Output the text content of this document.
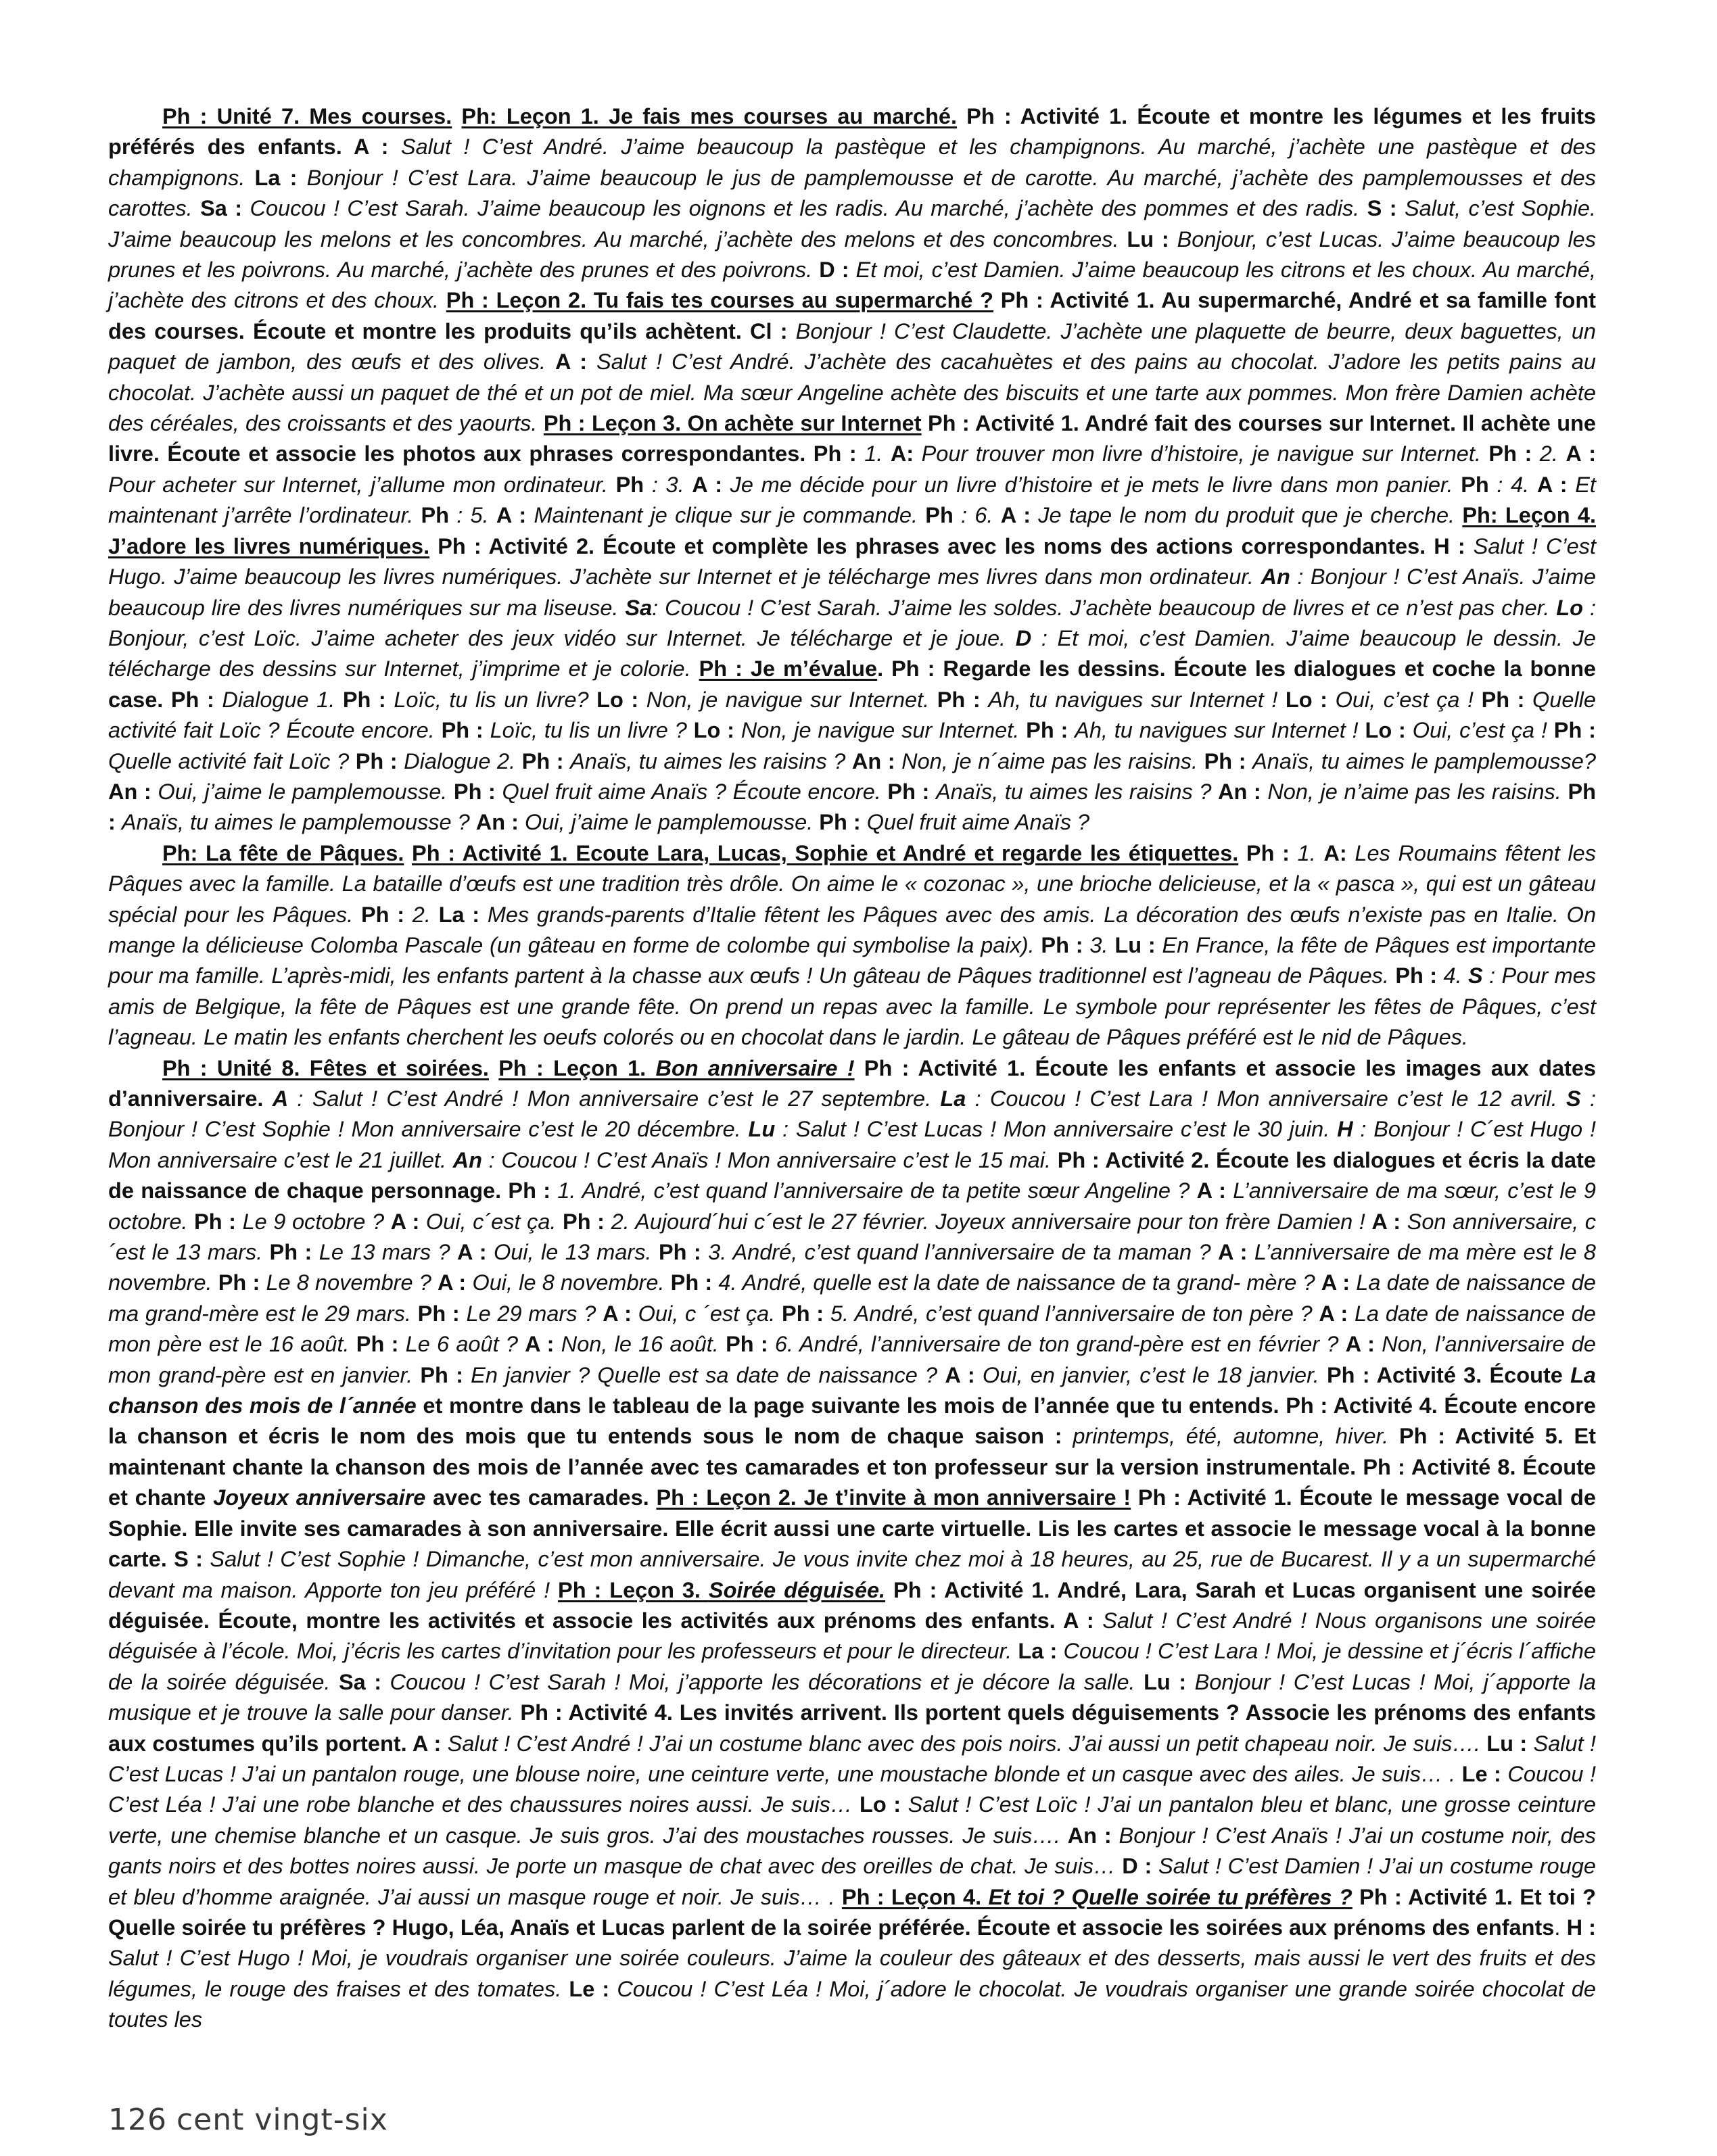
Ph : Unité 7. Mes courses. Ph: Leçon 1. Je fais mes courses au marché. Ph : Activité 1. Écoute et montre les légumes et les fruits préférés des enfants. A : Salut ! C’est André. J’aime beaucoup la pastèque et les champignons. Au marché, j’achète une pastèque et des champignons. La : Bonjour ! C’est Lara. J’aime beaucoup le jus de pamplemousse et de carotte. Au marché, j’achète des pamplemousses et des carottes. Sa : Coucou ! C’est Sarah. J’aime beaucoup les oignons et les radis. Au marché, j’achète des pommes et des radis. S : Salut, c’est Sophie. J’aime beaucoup les melons et les concombres. Au marché, j’achète des melons et des concombres. Lu : Bonjour, c’est Lucas. J’aime beaucoup les prunes et les poivrons. Au marché, j’achète des prunes et des poivrons. D : Et moi, c’est Damien. J’aime beaucoup les citrons et les choux. Au marché, j’achète des citrons et des choux. Ph : Leçon 2. Tu fais tes courses au supermarché ? Ph : Activité 1. Au supermarché, André et sa famille font des courses. Écoute et montre les produits qu’ils achètent. Cl : Bonjour ! C’est Claudette. J’achète une plaquette de beurre, deux baguettes, un paquet de jambon, des œufs et des olives. A : Salut ! C’est André. J’achète des cacahuètes et des pains au chocolat. J’adore les petits pains au chocolat. J’achète aussi un paquet de thé et un pot de miel. Ma sœur Angeline achète des biscuits et une tarte aux pommes. Mon frère Damien achète des céréales, des croissants et des yaourts. Ph : Leçon 3. On achète sur Internet Ph : Activité 1. André fait des courses sur Internet. Il achète une livre. Écoute et associe les photos aux phrases correspondantes. Ph : 1. A: Pour trouver mon livre d’histoire, je navigue sur Internet. Ph : 2. A : Pour acheter sur Internet, j’allume mon ordinateur. Ph : 3. A : Je me décide pour un livre d’histoire et je mets le livre dans mon panier. Ph : 4. A : Et maintenant j’arrête l’ordinateur. Ph : 5. A : Maintenant je clique sur je commande. Ph : 6. A : Je tape le nom du produit que je cherche. Ph: Leçon 4. J’adore les livres numériques. Ph : Activité 2. Écoute et complète les phrases avec les noms des actions correspondantes. H : Salut ! C’est Hugo. J’aime beaucoup les livres numériques. J’achète sur Internet et je télécharge mes livres dans mon ordinateur. An : Bonjour ! C’est Anaïs. J’aime beaucoup lire des livres numériques sur ma liseuse. Sa: Coucou ! C’est Sarah. J’aime les soldes. J’achète beaucoup de livres et ce n’est pas cher. Lo : Bonjour, c’est Loïc. J’aime acheter des jeux vidéo sur Internet. Je télécharge et je joue. D : Et moi, c’est Damien. J’aime beaucoup le dessin. Je télécharge des dessins sur Internet, j’imprime et je colorie. Ph : Je m’évalue. Ph : Regarde les dessins. Écoute les dialogues et coche la bonne case. Ph : Dialogue 1. Ph : Loïc, tu lis un livre? Lo : Non, je navigue sur Internet. Ph : Ah, tu navigues sur Internet ! Lo : Oui, c’est ça ! Ph : Quelle activité fait Loïc ? Écoute encore. Ph : Loïc, tu lis un livre ? Lo : Non, je navigue sur Internet. Ph : Ah, tu navigues sur Internet ! Lo : Oui, c’est ça ! Ph : Quelle activité fait Loïc ? Ph : Dialogue 2. Ph : Anaïs, tu aimes les raisins ? An : Non, je n´aime pas les raisins. Ph : Anaïs, tu aimes le pamplemousse? An : Oui, j’aime le pamplemousse. Ph : Quel fruit aime Anaïs ? Écoute encore. Ph : Anaïs, tu aimes les raisins ? An : Non, je n’aime pas les raisins. Ph : Anaïs, tu aimes le pamplemousse ? An : Oui, j’aime le pamplemousse. Ph : Quel fruit aime Anaïs ?

Ph: La fête de Pâques. Ph : Activité 1. Ecoute Lara, Lucas, Sophie et André et regarde les étiquettes. Ph : 1. A: Les Roumains fêtent les Pâques avec la famille. La bataille d’œufs est une tradition très drôle. On aime le « cozonac », une brioche delicieuse, et la « pasca », qui est un gâteau spécial pour les Pâques. Ph : 2. La : Mes grands-parents d’Italie fêtent les Pâques avec des amis. La décoration des œufs n’existe pas en Italie. On mange la délicieuse Colomba Pascale (un gâteau en forme de colombe qui symbolise la paix). Ph : 3. Lu : En France, la fête de Pâques est importante pour ma famille. L’après-midi, les enfants partent à la chasse aux œufs ! Un gâteau de Pâques traditionnel est l’agneau de Pâques. Ph : 4. S : Pour mes amis de Belgique, la fête de Pâques est une grande fête. On prend un repas avec la famille. Le symbole pour représenter les fêtes de Pâques, c’est l’agneau. Le matin les enfants cherchent les oeufs colorés ou en chocolat dans le jardin. Le gâteau de Pâques préféré est le nid de Pâques.

Ph : Unité 8. Fêtes et soirées. Ph : Leçon 1. Bon anniversaire ! Ph : Activité 1. Écoute les enfants et associe les images aux dates d’anniversaire. A : Salut ! C’est André ! Mon anniversaire c’est le 27 septembre. La : Coucou ! C’est Lara ! Mon anniversaire c’est le 12 avril. S : Bonjour ! C’est Sophie ! Mon anniversaire c’est le 20 décembre. Lu : Salut ! C’est Lucas ! Mon anniversaire c’est le 30 juin. H : Bonjour ! C´est Hugo ! Mon anniversaire c’est le 21 juillet. An : Coucou ! C’est Anaïs ! Mon anniversaire c’est le 15 mai. Ph : Activité 2. Écoute les dialogues et écris la date de naissance de chaque personnage. Ph : 1. André, c’est quand l’anniversaire de ta petite sœur Angeline ? A : L’anniversaire de ma sœur, c’est le 9 octobre. Ph : Le 9 octobre ? A : Oui, c´est ça. Ph : 2. Aujourd´hui c´est le 27 février. Joyeux anniversaire pour ton frère Damien ! A : Son anniversaire, c´est le 13 mars. Ph : Le 13 mars ? A : Oui, le 13 mars. Ph : 3. André, c’est quand l’anniversaire de ta maman ? A : L’anniversaire de ma mère est le 8 novembre. Ph : Le 8 novembre ? A : Oui, le 8 novembre. Ph : 4. André, quelle est la date de naissance de ta grand- mère ? A : La date de naissance de ma grand-mère est le 29 mars. Ph : Le 29 mars ? A : Oui, c ´est ça. Ph : 5. André, c’est quand l’anniversaire de ton père ? A : La date de naissance de mon père est le 16 août. Ph : Le 6 août ? A : Non, le 16 août. Ph : 6. André, l’anniversaire de ton grand-père est en février ? A : Non, l’anniversaire de mon grand-père est en janvier. Ph : En janvier ? Quelle est sa date de naissance ? A : Oui, en janvier, c’est le 18 janvier. Ph : Activité 3. Écoute La chanson des mois de l´année et montre dans le tableau de la page suivante les mois de l’année que tu entends. Ph : Activité 4. Écoute encore la chanson et écris le nom des mois que tu entends sous le nom de chaque saison : printemps, été, automne, hiver. Ph : Activité 5. Et maintenant chante la chanson des mois de l’année avec tes camarades et ton professeur sur la version instrumentale. Ph : Activité 8. Écoute et chante Joyeux anniversaire avec tes camarades. Ph : Leçon 2. Je t’invite à mon anniversaire ! Ph : Activité 1. Écoute le message vocal de Sophie. Elle invite ses camarades à son anniversaire. Elle écrit aussi une carte virtuelle. Lis les cartes et associe le message vocal à la bonne carte. S : Salut ! C’est Sophie ! Dimanche, c’est mon anniversaire. Je vous invite chez moi à 18 heures, au 25, rue de Bucarest. Il y a un supermarché devant ma maison. Apporte ton jeu préféré ! Ph : Leçon 3. Soirée déguisée. Ph : Activité 1. André, Lara, Sarah et Lucas organisent une soirée déguisée. Écoute, montre les activités et associe les activités aux prénoms des enfants. A : Salut ! C’est André ! Nous organisons une soirée déguisée à l’école. Moi, j’écris les cartes d’invitation pour les professeurs et pour le directeur. La : Coucou ! C’est Lara ! Moi, je dessine et j´écris l´affiche de la soirée déguisée. Sa : Coucou ! C’est Sarah ! Moi, j’apporte les décorations et je décore la salle. Lu : Bonjour ! C’est Lucas ! Moi, j´apporte la musique et je trouve la salle pour danser. Ph : Activité 4. Les invités arrivent. Ils portent quels déguisements ? Associe les prénoms des enfants aux costumes qu’ils portent. A : Salut ! C’est André ! J’ai un costume blanc avec des pois noirs. J’ai aussi un petit chapeau noir. Je suis…. Lu : Salut ! C’est Lucas ! J’ai un pantalon rouge, une blouse noire, une ceinture verte, une moustache blonde et un casque avec des ailes. Je suis… . Le : Coucou ! C’est Léa ! J’ai une robe blanche et des chaussures noires aussi. Je suis… Lo : Salut ! C’est Loïc ! J’ai un pantalon bleu et blanc, une grosse ceinture verte, une chemise blanche et un casque. Je suis gros. J’ai des moustaches rousses. Je suis…. An : Bonjour ! C’est Anaïs ! J’ai un costume noir, des gants noirs et des bottes noires aussi. Je porte un masque de chat avec des oreilles de chat. Je suis… D : Salut ! C’est Damien ! J’ai un costume rouge et bleu d’homme araignée. J’ai aussi un masque rouge et noir. Je suis… . Ph : Leçon 4. Et toi ? Quelle soirée tu préfères ? Ph : Activité 1. Et toi ? Quelle soirée tu préfères ? Hugo, Léa, Anaïs et Lucas parlent de la soirée préférée. Écoute et associe les soirées aux prénoms des enfants. H : Salut ! C’est Hugo ! Moi, je voudrais organiser une soirée couleurs. J’aime la couleur des gâteaux et des desserts, mais aussi le vert des fruits et des légumes, le rouge des fraises et des tomates. Le : Coucou ! C’est Léa ! Moi, j´adore le chocolat. Je voudrais organiser une grande soirée chocolat de toutes les

126 cent vingt-six
